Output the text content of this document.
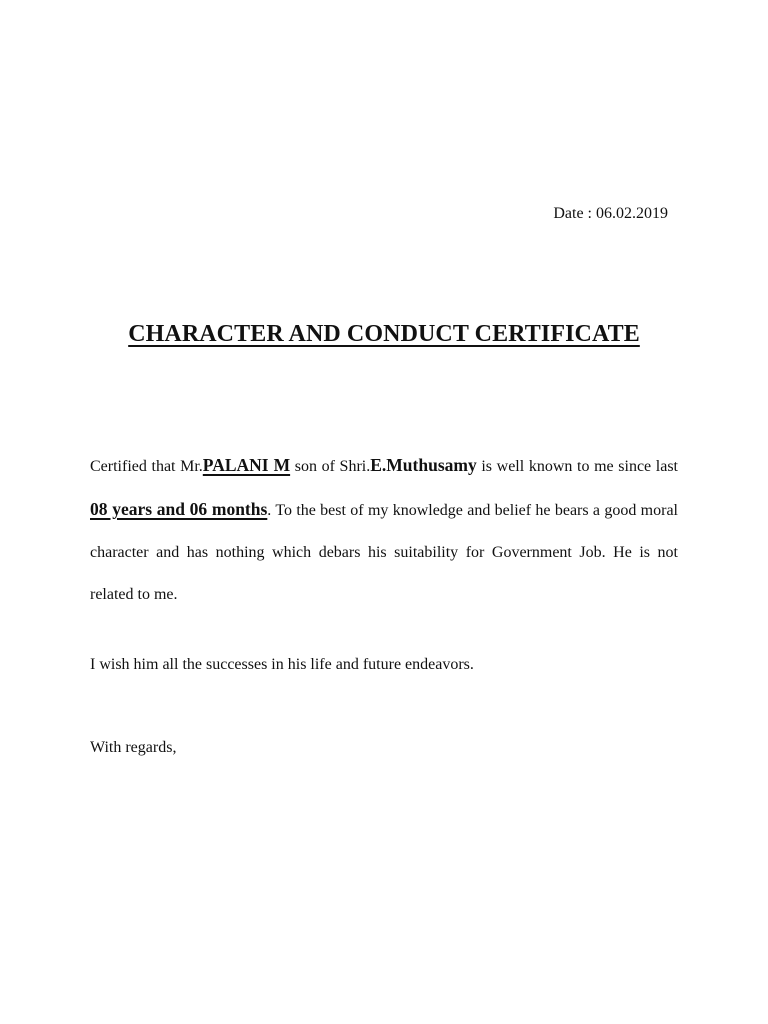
Date : 06.02.2019
CHARACTER AND CONDUCT CERTIFICATE
Certified that Mr.PALANI M son of Shri.E.Muthusamy is well known to me since last 08 years and 06 months. To the best of my knowledge and belief he bears a good moral character and has nothing which debars his suitability for Government Job. He is not related to me.
I wish him all the successes in his life and future endeavors.
With regards,
